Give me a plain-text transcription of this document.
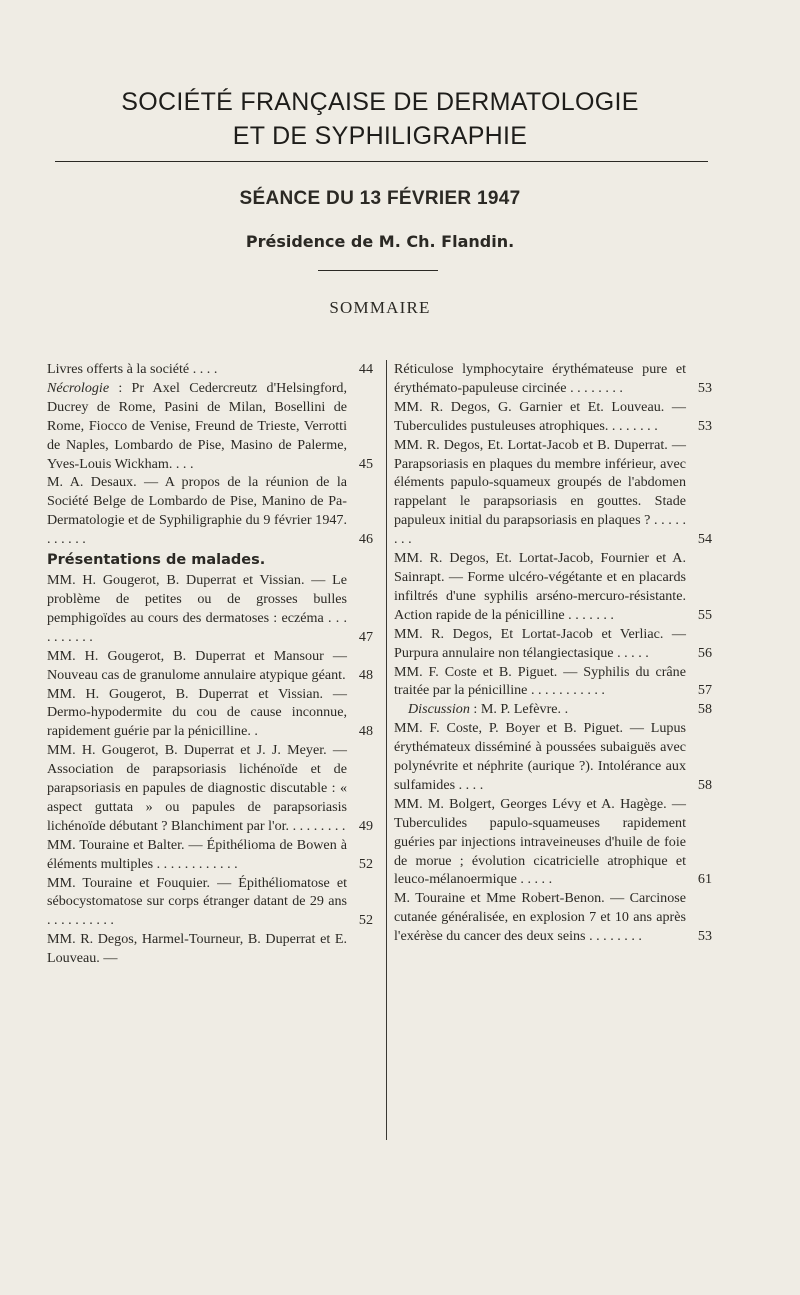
SOCIÉTÉ FRANÇAISE DE DERMATOLOGIE
ET DE SYPHILIGRAPHIE
SÉANCE DU 13 FÉVRIER 1947
Présidence de M. Ch. Flandin.
SOMMAIRE
Livres offerts à la société . . . .	44
Nécrologie : Pr Axel Cedercreutz d'Helsingford, Ducrey de Rome, Pasini de Milan, Bosellini de Rome, Fiocco de Venise, Freund de Trieste, Verrotti de Naples, Lombardo de Pise, Masino de Palerme, Yves-Louis Wickham. . . .	45
M. A. Desaux. — A propos de la réunion de la Société Belge de Lombardo de Pise, Manino de Pa-Dermatologie et de Syphiligraphie du 9 février 1947. . . . . . .	46
Présentations de malades.
MM. H. Gougerot, B. Duperrat et Vissian. — Le problème de petites ou de grosses bulles pemphigoïdes au cours des dermatoses : eczéma . . . . . . . . . .	47
MM. H. Gougerot, B. Duperrat et Mansour — Nouveau cas de granulome annulaire atypique géant. 48
MM. H. Gougerot, B. Duperrat et Vissian. — Dermo-hypodermite du cou de cause inconnue, rapidement guérie par la pénicilline. .	48
MM. H. Gougerot, B. Duperrat et J. J. Meyer. — Association de parapsoriasis lichénoïde et de parapsoriasis en papules de diagnostic discutable : « aspect guttata » ou papules de parapsoriasis lichénoïde débutant ? Blanchiment par l'or. . . . . . . . . 49
MM. Touraine et Balter. — Épithélioma de Bowen à éléments multiples . . . . . . . . . . . .	52
MM. Touraine et Fouquier. — Épithéliomatose et sébocystomatose sur corps étranger datant de 29 ans . . . . . . . . . .	52
MM. R. Degos, Harmel-Tourneur, B. Duperrat et E. Louveau. —
Réticulose lymphocytaire érythémateuse pure et érythémato-papuleuse circinée . . . . . . . .	53
MM. R. Degos, G. Garnier et Et. Louveau. — Tuberculides pustuleuses atrophiques. . . . . . . .	53
MM. R. Degos, Et. Lortat-Jacob et B. Duperrat. — Parapsoriasis en plaques du membre inférieur, avec éléments papulo-squameux groupés de l'abdomen rappelant le parapsoriasis en gouttes. Stade papuleux initial du parapsoriasis en plaques ? . . . . . . . .	54
MM. R. Degos, Et. Lortat-Jacob, Fournier et A. Sainrapt. — Forme ulcéro-végétante et en placards infiltrés d'une syphilis arséno-mercuro-résistante. Action rapide de la pénicilline . . . . . . .	55
MM. R. Degos, Et Lortat-Jacob et Verliac. — Purpura annulaire non télangiectasique . . . . .	56
MM. F. Coste et B. Piguet. — Syphilis du crâne traitée par la pénicilline . . . . . . . . . . .	57
Discussion : M. P. Lefèvre. .	58
MM. F. Coste, P. Boyer et B. Piguet. — Lupus érythémateux disséminé à poussées subaiguës avec polynévrite et néphrite (aurique ?). Intolérance aux sulfamides . . . .	58
MM. M. Bolgert, Georges Lévy et A. Hagège. — Tuberculides papulo-squameuses rapidement guéries par injections intraveineuses d'huile de foie de morue ; évolution cicatricielle atrophique et leuco-mélanoermique . . . . .	61
M. Touraine et Mme Robert-Benon. — Carcinose cutanée généralisée, en explosion 7 et 10 ans après l'exérèse du cancer des deux seins . . . . . . . .	53
